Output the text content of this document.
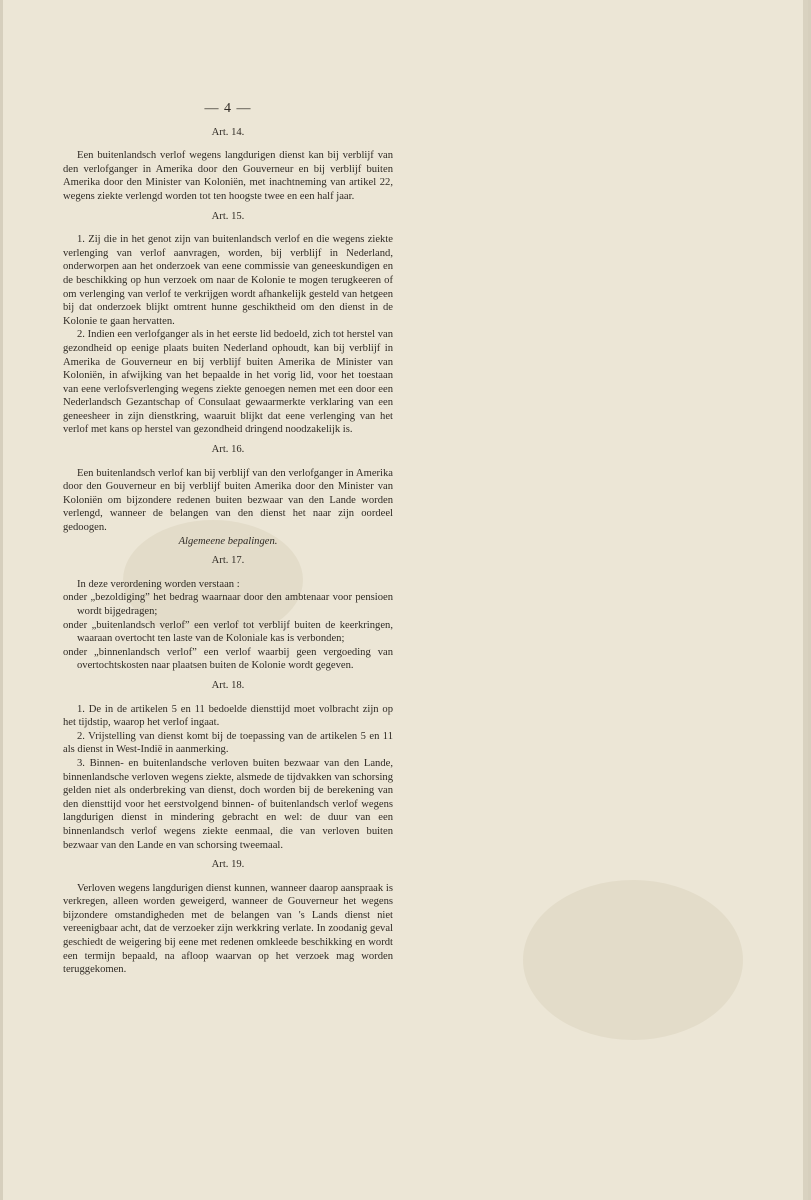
— 4 —
Art. 14.

Een buitenlandsch verlof wegens langdurigen dienst kan bij verblijf van den verlofganger in Amerika door den Gouverneur en bij verblijf buiten Amerika door den Minister van Koloniën, met inachtneming van artikel 22, wegens ziekte verlengd worden tot ten hoogste twee en een half jaar.

Art. 15.

1. Zij die in het genot zijn van buitenlandsch verlof en die wegens ziekte verlenging van verlof aanvragen, worden, bij verblijf in Nederland, onderworpen aan het onderzoek van eene commissie van geneeskundigen en de beschikking op hun verzoek om naar de Kolonie te mogen terugkeeren of om verlenging van verlof te verkrijgen wordt afhankelijk gesteld van hetgeen bij dat onderzoek blijkt omtrent hunne geschiktheid om den dienst in de Kolonie te gaan hervatten.

2. Indien een verlofganger als in het eerste lid bedoeld, zich tot herstel van gezondheid op eenige plaats buiten Nederland ophoudt, kan bij verblijf in Amerika de Gouverneur en bij verblijf buiten Amerika de Minister van Koloniën, in afwijking van het bepaalde in het vorig lid, voor het toestaan van eene verlofsverlenging wegens ziekte genoegen nemen met een door een Nederlandsch Gezantschap of Consulaat gewaarmerkte verklaring van een geneesheer in zijn dienstkring, waaruit blijkt dat eene verlenging van het verlof met kans op herstel van gezondheid dringend noodzakelijk is.

Art. 16.

Een buitenlandsch verlof kan bij verblijf van den verlofganger in Amerika door den Gouverneur en bij verblijf buiten Amerika door den Minister van Koloniën om bijzondere redenen buiten bezwaar van den Lande worden verlengd, wanneer de belangen van den dienst het naar zijn oordeel gedoogen.

Algemeene bepalingen.
Art. 17.

In deze verordening worden verstaan :

onder „bezoldiging” het bedrag waarnaar door den ambtenaar voor pensioen wordt bijgedragen;

onder „buitenlandsch verlof” een verlof tot verblijf buiten de keerkringen, waaraan overtocht ten laste van de Koloniale kas is verbonden;

onder „binnenlandsch verlof” een verlof waarbij geen vergoeding van overtochtskosten naar plaatsen buiten de Kolonie wordt gegeven.

Art. 18.

1. De in de artikelen 5 en 11 bedoelde diensttijd moet volbracht zijn op het tijdstip, waarop het verlof ingaat.

2. Vrijstelling van dienst komt bij de toepassing van de artikelen 5 en 11 als dienst in West-Indië in aanmerking.

3. Binnen- en buitenlandsche verloven buiten bezwaar van den Lande, binnenlandsche verloven wegens ziekte, alsmede de tijdvakken van schorsing gelden niet als onderbreking van dienst, doch worden bij de berekening van den diensttijd voor het eerstvolgend binnen- of buitenlandsch verlof wegens langdurigen dienst in mindering gebracht en wel: de duur van een binnenlandsch verlof wegens ziekte eenmaal, die van verloven buiten bezwaar van den Lande en van schorsing tweemaal.

Art. 19.

Verloven wegens langdurigen dienst kunnen, wanneer daarop aanspraak is verkregen, alleen worden geweigerd, wanneer de Gouverneur het wegens bijzondere omstandigheden met de belangen van 's Lands dienst niet vereenigbaar acht, dat de verzoeker zijn werkkring verlate. In zoodanig geval geschiedt de weigering bij eene met redenen omkleede beschikking en wordt een termijn bepaald, na afloop waarvan op het verzoek mag worden teruggekomen.
